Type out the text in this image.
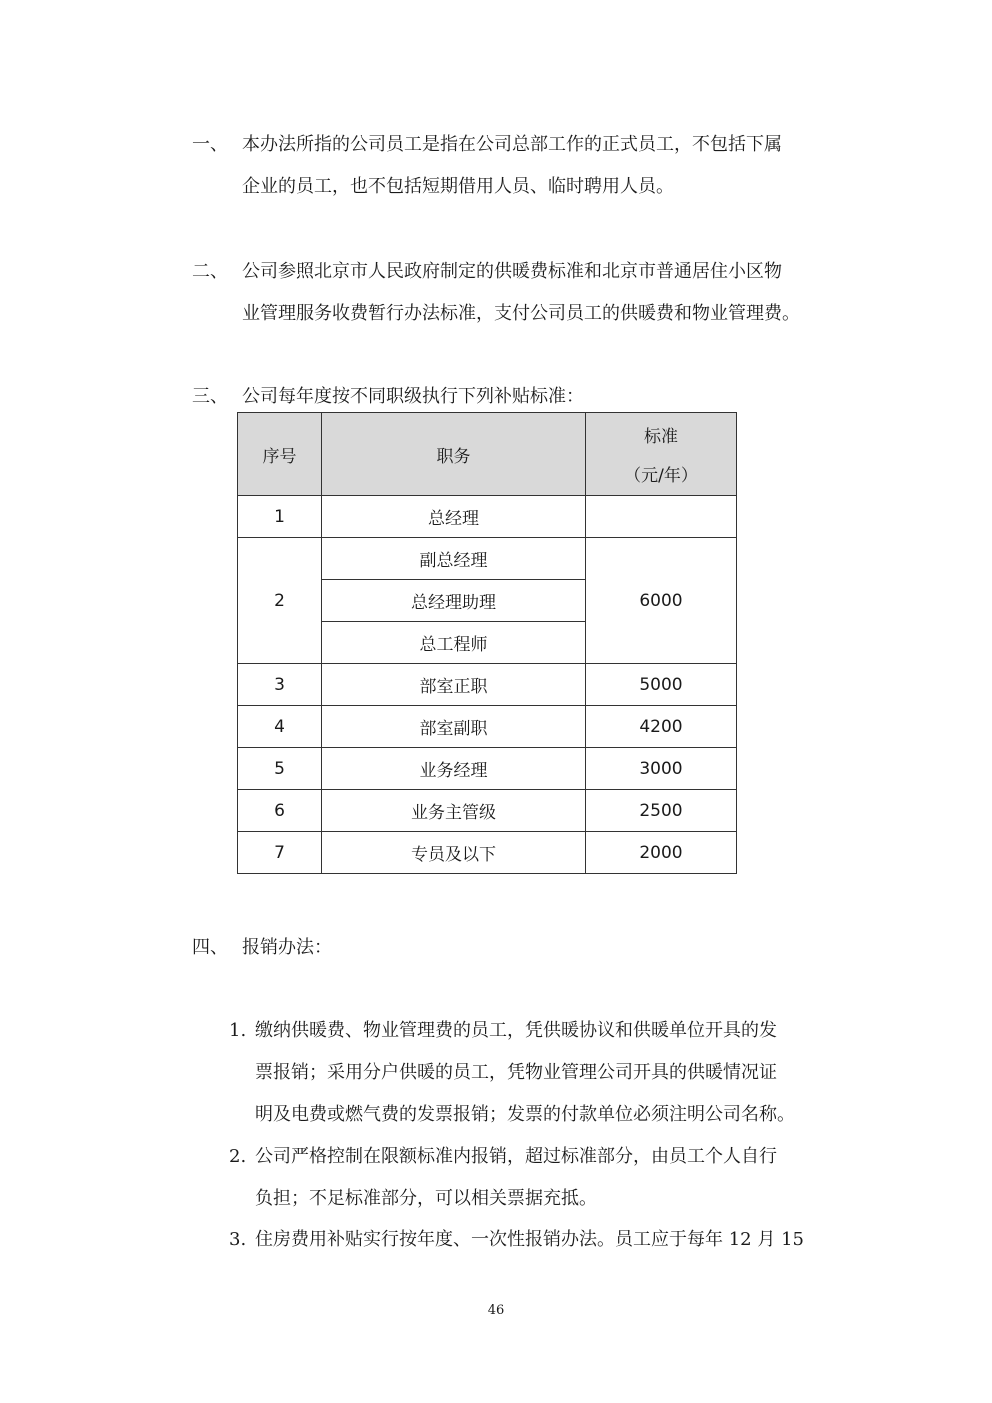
一、 本办法所指的公司员工是指在公司总部工作的正式员工，不包括下属
企业的员工，也不包括短期借用人员、临时聘用人员。
二、 公司参照北京市人民政府制定的供暖费标准和北京市普通居住小区物
业管理服务收费暂行办法标准，支付公司员工的供暖费和物业管理费。
三、 公司每年度按不同职级执行下列补贴标准：
序号	职务	标准
（元/年）

1	总经理	
2	副总经理	6000
	总经理助理	
	总工程师	
3	部室正职	5000
4	部室副职	4200
5	业务经理	3000
6	业务主管级	2500
7	专员及以下	2000
四、 报销办法：
1. 缴纳供暖费、物业管理费的员工，凭供暖协议和供暖单位开具的发
票报销；采用分户供暖的员工，凭物业管理公司开具的供暖情况证
明及电费或燃气费的发票报销；发票的付款单位必须注明公司名称。
2. 公司严格控制在限额标准内报销，超过标准部分，由员工个人自行
负担；不足标准部分，可以相关票据充抵。
3. 住房费用补贴实行按年度、一次性报销办法。员工应于每年 12 月 15
46
